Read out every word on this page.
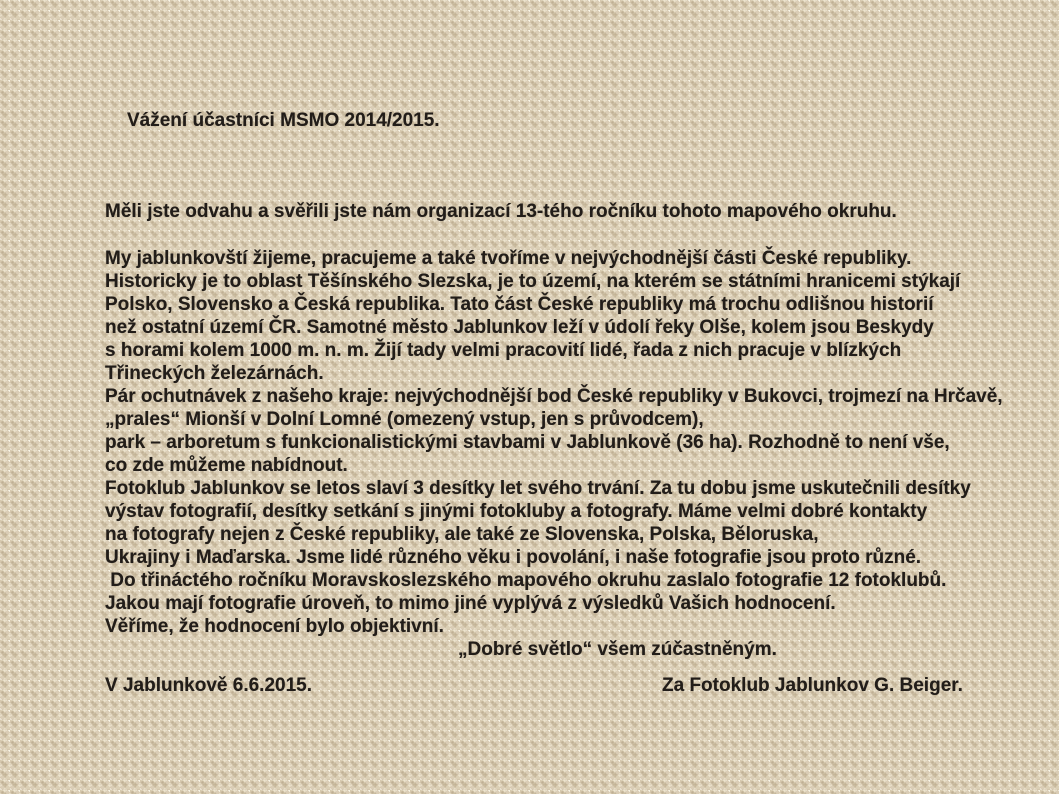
Vážení účastníci MSMO 2014/2015.
Měli jste odvahu a svěřili jste nám organizací 13-tého ročníku tohoto mapového okruhu.
My jablunkovští žijeme, pracujeme a také tvoříme v nejvýchodnější části České republiky.
Historicky je to oblast Těšínského Slezska, je to území, na kterém se státními hranicemi stýkají
Polsko, Slovensko a Česká republika. Tato část České republiky má trochu odlišnou historií
než ostatní území ČR. Samotné město Jablunkov leží v údolí řeky Olše, kolem jsou Beskydy
s horami kolem 1000 m. n. m. Žijí tady velmi pracovití lidé, řada z nich pracuje v blízkých
Třineckých železárnách.
Pár ochutnávek z našeho kraje: nejvýchodnější bod České republiky v Bukovci, trojmezí na Hrčavě,
„prales“ Mionší v Dolní Lomné (omezený vstup, jen s průvodcem),
park – arboretum s funkcionalistickými stavbami v Jablunkově (36 ha). Rozhodně to není vše,
co zde můžeme nabídnout.
Fotoklub Jablunkov se letos slaví 3 desítky let svého trvání. Za tu dobu jsme uskutečnili desítky
výstav fotografií, desítky setkání s jinými fotokluby a fotografy. Máme velmi dobré kontakty
na fotografy nejen z České republiky, ale také ze Slovenska, Polska, Běloruska,
Ukrajiny i Maďarska. Jsme lidé různého věku i povolání, i naše fotografie jsou proto různé.
Do třináctého ročníku Moravskoslezského mapového okruhu zaslalo fotografie 12 fotoklubů.
Jakou mají fotografie úroveň, to mimo jiné vyplývá z výsledků Vašich hodnocení.
Věříme, že hodnocení bylo objektivní.
„Dobré světlo“ všem zúčastněným.
V Jablunkově 6.6.2015.	Za Fotoklub Jablunkov G. Beiger.
